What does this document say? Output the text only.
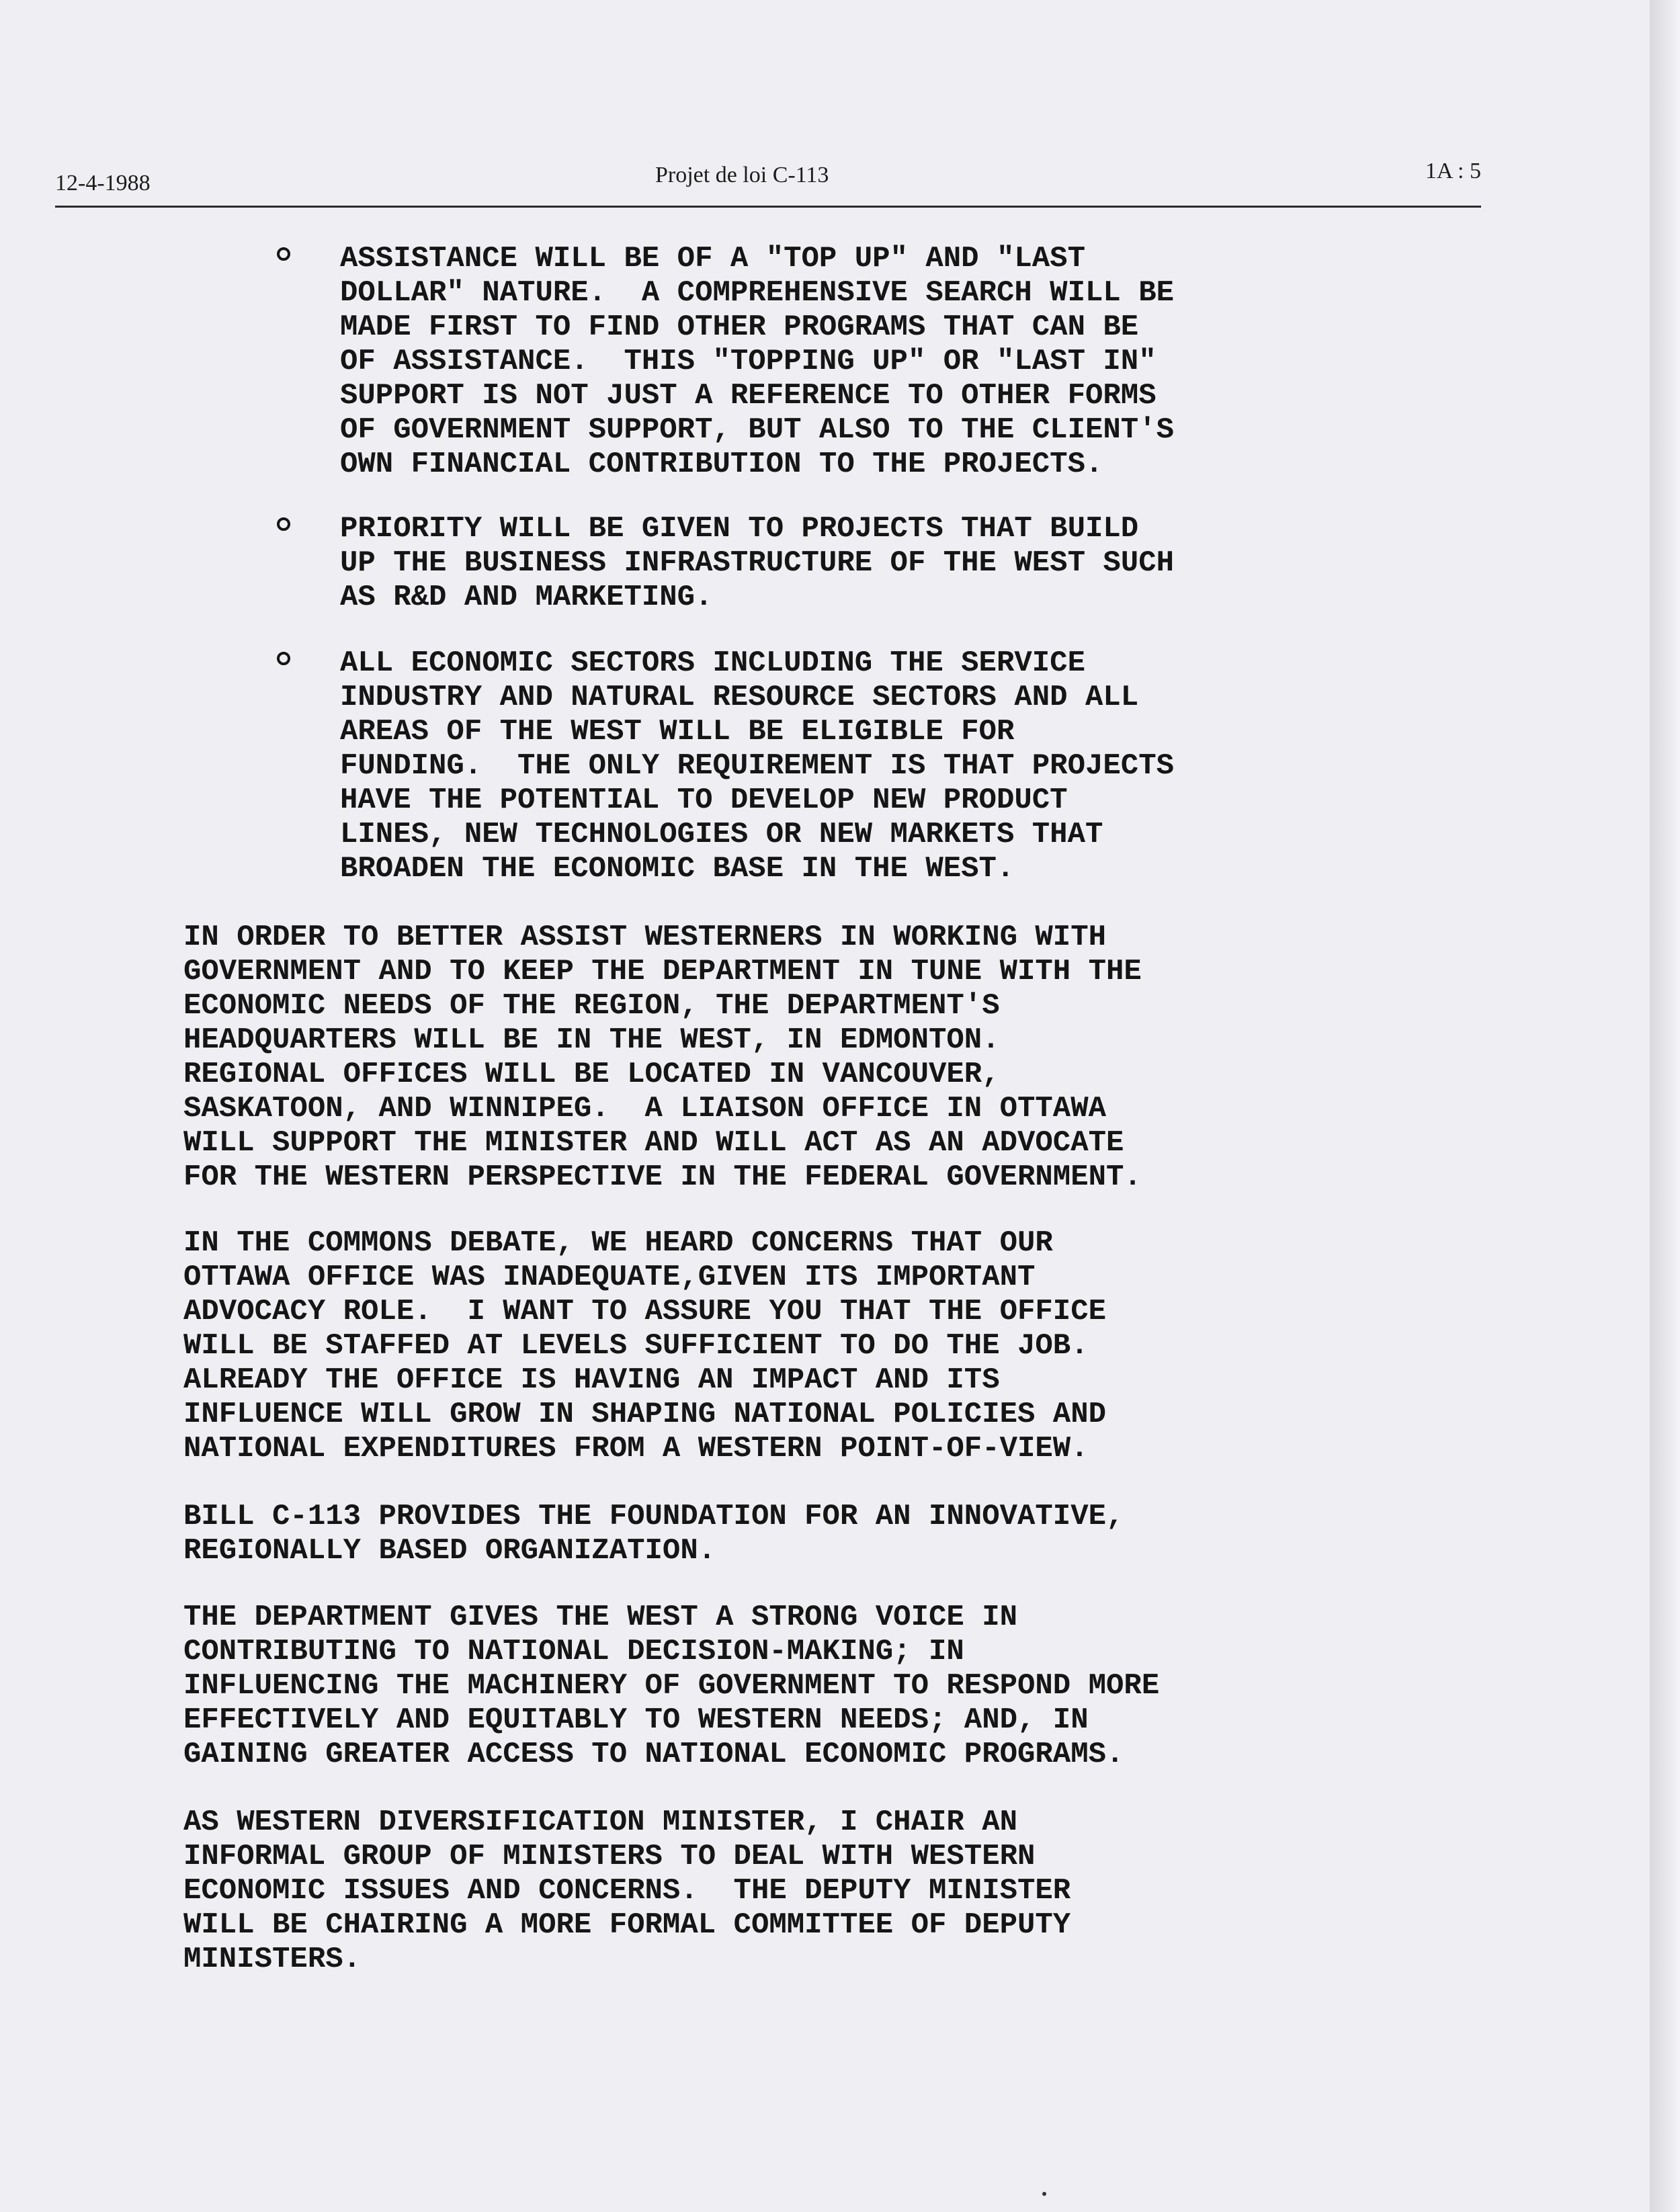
12-4-1988	Projet de loi C-113	1A : 5

ASSISTANCE WILL BE OF A "TOP UP" AND "LAST
DOLLAR" NATURE.  A COMPREHENSIVE SEARCH WILL BE
MADE FIRST TO FIND OTHER PROGRAMS THAT CAN BE
OF ASSISTANCE.  THIS "TOPPING UP" OR "LAST IN"
SUPPORT IS NOT JUST A REFERENCE TO OTHER FORMS
OF GOVERNMENT SUPPORT, BUT ALSO TO THE CLIENT'S
OWN FINANCIAL CONTRIBUTION TO THE PROJECTS.

PRIORITY WILL BE GIVEN TO PROJECTS THAT BUILD
UP THE BUSINESS INFRASTRUCTURE OF THE WEST SUCH
AS R&D AND MARKETING.

ALL ECONOMIC SECTORS INCLUDING THE SERVICE
INDUSTRY AND NATURAL RESOURCE SECTORS AND ALL
AREAS OF THE WEST WILL BE ELIGIBLE FOR
FUNDING.  THE ONLY REQUIREMENT IS THAT PROJECTS
HAVE THE POTENTIAL TO DEVELOP NEW PRODUCT
LINES, NEW TECHNOLOGIES OR NEW MARKETS THAT
BROADEN THE ECONOMIC BASE IN THE WEST.

IN ORDER TO BETTER ASSIST WESTERNERS IN WORKING WITH
GOVERNMENT AND TO KEEP THE DEPARTMENT IN TUNE WITH THE
ECONOMIC NEEDS OF THE REGION, THE DEPARTMENT'S
HEADQUARTERS WILL BE IN THE WEST, IN EDMONTON.
REGIONAL OFFICES WILL BE LOCATED IN VANCOUVER,
SASKATOON, AND WINNIPEG.  A LIAISON OFFICE IN OTTAWA
WILL SUPPORT THE MINISTER AND WILL ACT AS AN ADVOCATE
FOR THE WESTERN PERSPECTIVE IN THE FEDERAL GOVERNMENT.

IN THE COMMONS DEBATE, WE HEARD CONCERNS THAT OUR
OTTAWA OFFICE WAS INADEQUATE,GIVEN ITS IMPORTANT
ADVOCACY ROLE.  I WANT TO ASSURE YOU THAT THE OFFICE
WILL BE STAFFED AT LEVELS SUFFICIENT TO DO THE JOB.
ALREADY THE OFFICE IS HAVING AN IMPACT AND ITS
INFLUENCE WILL GROW IN SHAPING NATIONAL POLICIES AND
NATIONAL EXPENDITURES FROM A WESTERN POINT-OF-VIEW.

BILL C-113 PROVIDES THE FOUNDATION FOR AN INNOVATIVE,
REGIONALLY BASED ORGANIZATION.

THE DEPARTMENT GIVES THE WEST A STRONG VOICE IN
CONTRIBUTING TO NATIONAL DECISION-MAKING; IN
INFLUENCING THE MACHINERY OF GOVERNMENT TO RESPOND MORE
EFFECTIVELY AND EQUITABLY TO WESTERN NEEDS; AND, IN
GAINING GREATER ACCESS TO NATIONAL ECONOMIC PROGRAMS.

AS WESTERN DIVERSIFICATION MINISTER, I CHAIR AN
INFORMAL GROUP OF MINISTERS TO DEAL WITH WESTERN
ECONOMIC ISSUES AND CONCERNS.  THE DEPUTY MINISTER
WILL BE CHAIRING A MORE FORMAL COMMITTEE OF DEPUTY
MINISTERS.
